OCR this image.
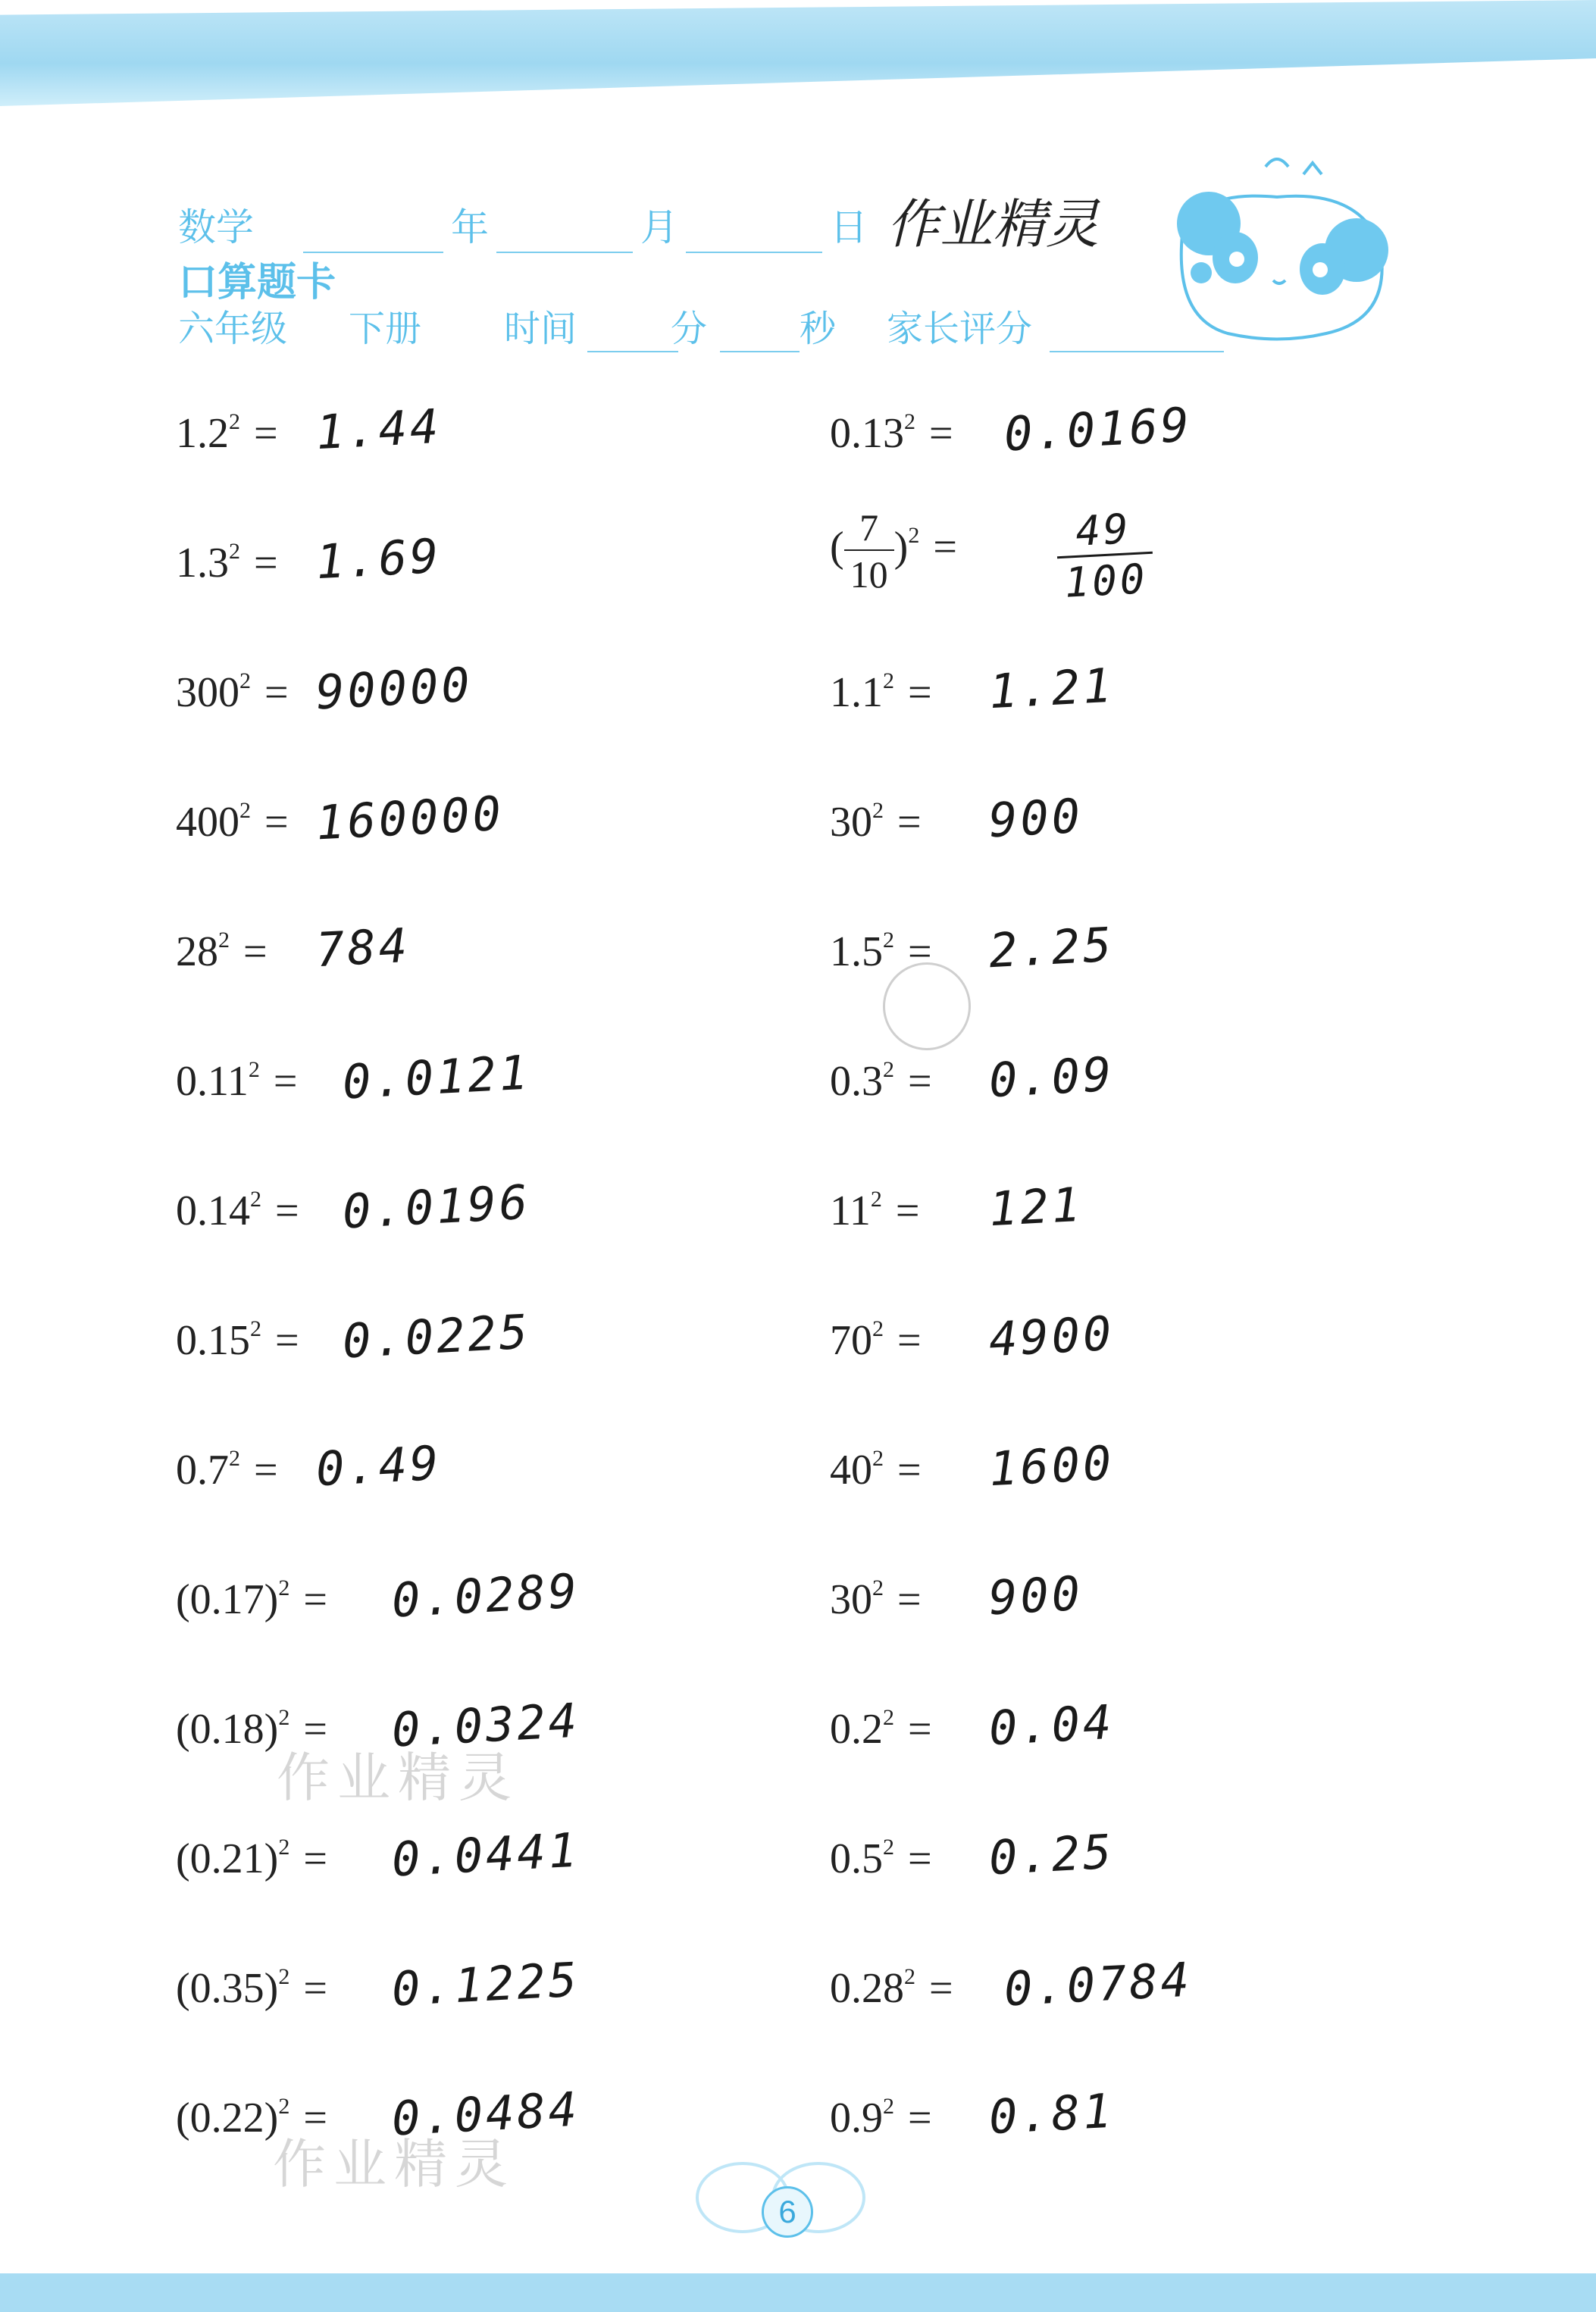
数学	年	月	日 作业精灵
口算题卡
六年级 下册 时间	分	秒 家长评分
$1.2^2 = 1.44$
$1.3^2 = 1.69$
$300^2 = 90000$
$400^2 = 160000$
$28^2 = 784$
$0.11^2 = 0.0121$
$0.14^2 = 0.0196$
$0.15^2 = 0.0225$
$0.7^2 = 0.49$
$(0.17)^2 = 0.0289$
$(0.18)^2 = 0.0324$
$(0.21)^2 = 0.0441$
$(0.35)^2 = 0.1225$
$(0.22)^2 = 0.0484$
$0.13^2 = 0.0169$
( $\frac{7}{10} )^2 = \frac{49}{100}$
$1.1^2 = 1.21$
$30^2 = 900$
$1.5^2 = 2.25$
$0.3^2 = 0.09$
$11^2 = 121$
$70^2 = 4900$
$40^2 = 1600$
$30^2 = 900$
$0.2^2 = 0.04$
$0.5^2 = 0.25$
$0.28^2 = 0.0784$
$0.9^2 = 0.81$
作业精灵
作业精灵
6
